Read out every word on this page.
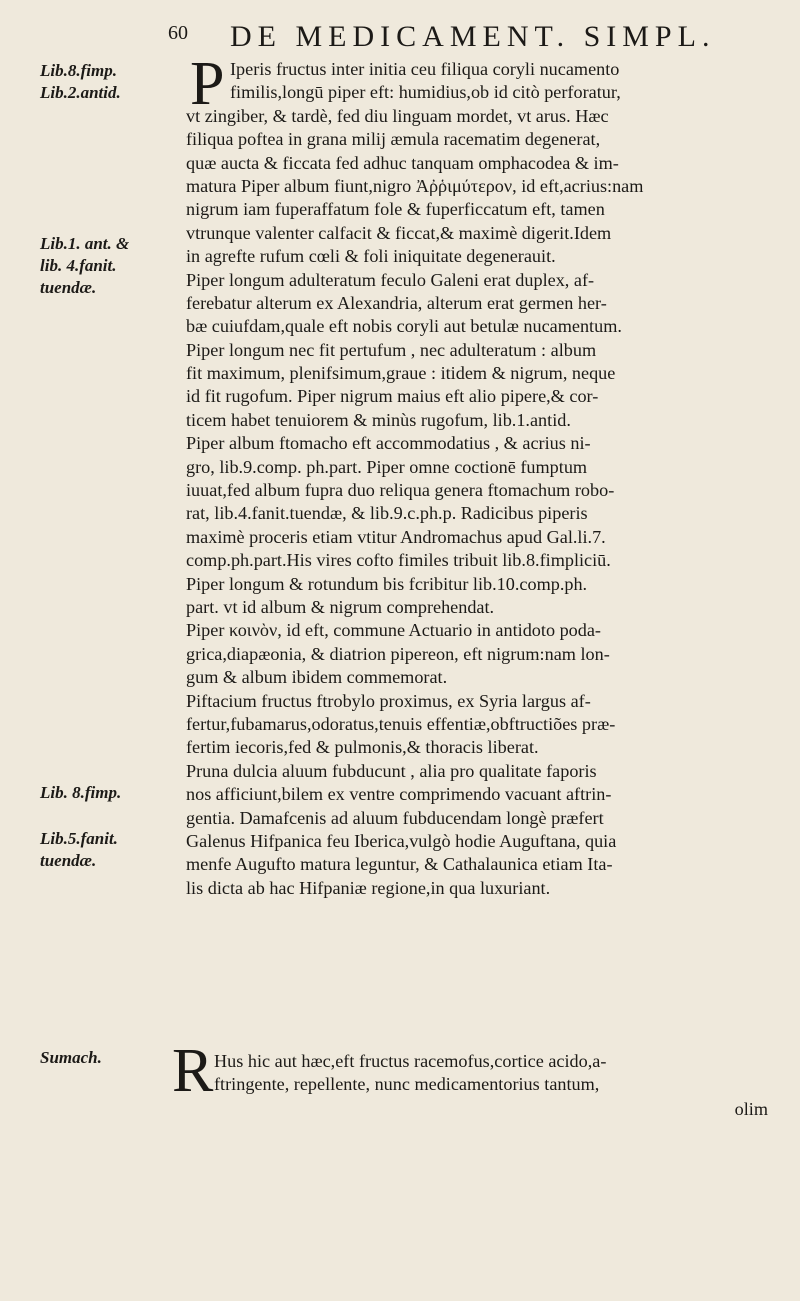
60 DE MEDICAMENT. SIMPL.
Lib.8.fimp.
Lib.2.antid.
Lib.1. ant. &
lib. 4.fanit.
tuendæ.
Lib. 8.fimp.
Lib.5.fanit.
tuendæ.
Sumach.
P Iperis fructus inter initia ceu filiqua coryli nucamento
fimilis,longū piper eft: humidius,ob id citò perforatur,
vt zingiber, & tardè, fed diu linguam mordet, vt arus. Hæc
filiqua poftea in grana milij æmula racematim degenerat,
quæ aucta & ficcata fed adhuc tanquam omphacodea & im-
matura Piper album fiunt,nigro Ἀῤῥιμύτερον, id eft,acrius:nam
nigrum iam fuperaffatum fole & fuperficcatum eft, tamen
vtrunque valenter calfacit & ficcat,& maximè digerit.Idem
in agrefte rufum cœli & foli iniquitate degenerauit.
Piper longum adulteratum feculo Galeni erat duplex, af-
ferebatur alterum ex Alexandria, alterum erat germen her-
bæ cuiufdam,quale eft nobis coryli aut betulæ nucamentum.
Piper longum nec fit pertufum , nec adulteratum : album
fit maximum, plenifsimum,graue : itidem & nigrum, neque
id fit rugofum. Piper nigrum maius eft alio pipere,& cor-
ticem habet tenuiorem & minùs rugofum, lib.1.antid.
Piper album ftomacho eft accommodatius , & acrius ni-
gro, lib.9.comp. ph.part. Piper omne coctionē fumptum
iuuat,fed album fupra duo reliqua genera ftomachum robo-
rat, lib.4.fanit.tuendæ, & lib.9.c.ph.p. Radicibus piperis
maximè proceris etiam vtitur Andromachus apud Gal.li.7.
comp.ph.part.His vires cofto fimiles tribuit lib.8.fimpliciū.
Piper longum & rotundum bis fcribitur lib.10.comp.ph.
part. vt id album & nigrum comprehendat.
Piper κοινὸν, id eft, commune Actuario in antidoto poda-
grica,diapæonia, & diatrion pipereon, eft nigrum:nam lon-
gum & album ibidem commemorat.
Piftacium fructus ftrobylo proximus, ex Syria largus af-
fertur,fubamarus,odoratus,tenuis effentiæ,obftructiões præ-
fertim iecoris,fed & pulmonis,& thoracis liberat.
Pruna dulcia aluum fubducunt , alia pro qualitate faporis
nos afficiunt,bilem ex ventre comprimendo vacuant aftrin-
gentia. Damafcenis ad aluum fubducendam longè præfert
Galenus Hifpanica feu Iberica,vulgò hodie Auguftana, quia
menfe Augufto matura leguntur, & Cathalaunica etiam Ita-
lis dicta ab hac Hifpaniæ regione,in qua luxuriant.
R Hus hic aut hæc,eft fructus racemofus,cortice acido,a-
ftringente, repellente, nunc medicamentorius tantum,
olim
